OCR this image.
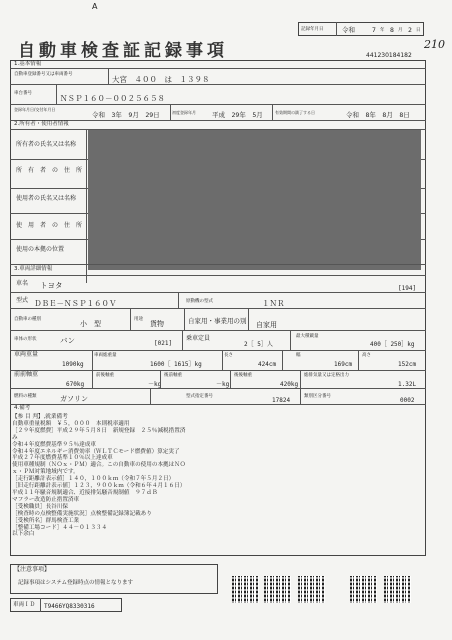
A
記録年月日	令和	7 年 8 月 2 日
210
自動車検査証記録事項	441230184182
1.基本情報
自動車登録番号又は車両番号
大宮　４００　は　１３９８
車台番号
ＮＳＰ１６０－００２５６５８
登録年月日/交付年月日
令和　3年　9月　29日	初度登録年月 平成　29年　5月	有効期間の満了する日	令和　8年　8月　8日
2.所有者・使用者情報
所有者の氏名又は名称
所　有　者　の　住　所
使用者の氏名又は名称
使　用　者　の　住　所
使用の本拠の位置
3.車両詳細情報
車名 トヨタ	[194]
型式 ＤＢＥ－ＮＳＰ１６０Ｖ	原動機の型式	１ＮＲ
自動車の種別
小　型
用途
貨物	自家用・事業用の別 自家用
車体の形状	バン	[021]
乗車定員
2［ 5］人
最大積載量
400［ 250］kg
車両重量
1090kg
車両総重量
1600［ 1615］kg
長さ
424cm
幅
169cm
高さ
152cm
前前軸重
670kg
前後軸重
－kg
後前軸重
－kg
後後軸重
420kg
総排気量又は定格出力
1.32L
燃料の種類	ガソリン	型式指定番号
17824
類別区分番号
0002
4.備考
【参 目 判】,就業備考
自動車重量税額　￥５，０００　本則税率適用
［２９年度燃費］平成２９年５月８日　新規登録　２５％減税措置済
み
令和４年度燃費基準９５％達成車
令和４年度エネルギー消費効率（ＷＬＴＣモード燃費値）算定実了
平成２７年度燃費基準１０％以上達成車
使用車種規制（ＮＯｘ・ＰＭ）適合。この自動車の使用の本拠はＮＯ
ｘ・ＰＭ対策地域内です。
［走行距離計表示値］１４０，１００ｋｍ（令和７年５月２日）
［旧走行距離計表示値］１２３，９００ｋｍ（令和６年４月１６日）
平成１１年騒音規制適合、近接排気騒音規制値　９７ｄＢ
マフラー改造防止措置済車
［受検職員］長谷川保
［検査時の点検整備実施状況］点検整備記録簿記載あり
［受検所名］群馬検査工業
［整備工場コード］４４－０１３３４
以下余白
【注意事項】
記録事項はシステム登録時点の情報となります
車両ＩＤ T9466YQ8330316
